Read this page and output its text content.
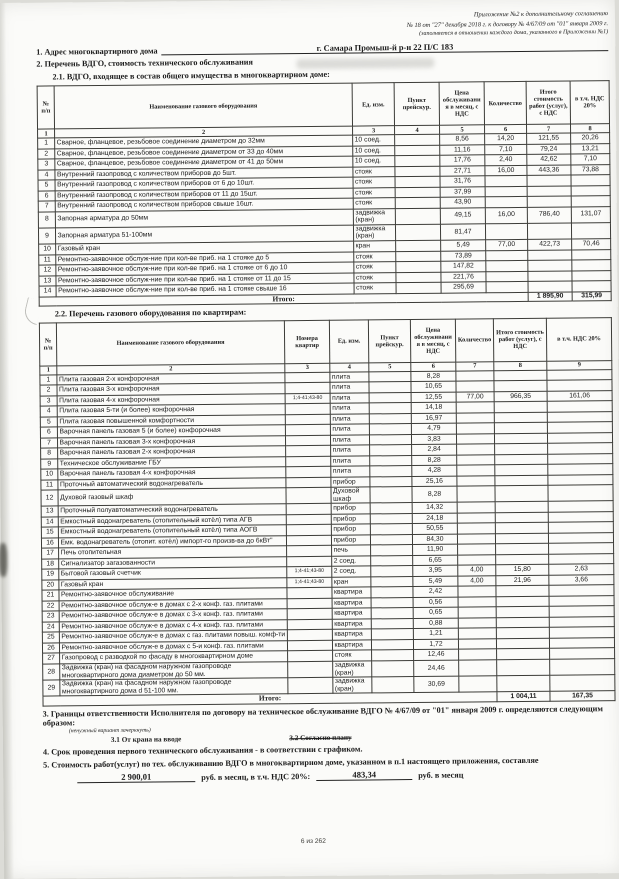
Приложение №2 к дополнительному соглашению
№ 18 от "27" декабря 2018 г. к договору № 4/67/09 от "01" января 2009 г.
(заполняется в отношении каждого дома, указанного в Приложении №1)
1. Адрес многоквартирного дома	г. Самара Промыш-й р-н 22 П/С 183
2. Перечень ВДГО, стоимость технического обслуживания
2.1. ВДГО, входящее в состав общего имущества в многоквартирном доме:
№ п/п	Наименование газового оборудования	Ед. изм.	Пункт прейскур.	Цена обслуживания в месяц, с НДС	Количество	Итого стоимость работ (услуг), с НДС	в т.ч. НДС 20%
1	2	3	4	5	6	7	8
1	Сварное, фланцевое, резьбовое соединение диаметром до 32мм	10 соед.		8,56	14,20	121,55	20,26
2	Сварное, фланцевое, резьбовое соединение диаметром от 33 до 40мм	10 соед.		11,16	7,10	79,24	13,21
3	Сварное, фланцевое, резьбовое соединение диаметром от 41 до 50мм	10 соед.		17,76	2,40	42,62	7,10
4	Внутренний газопровод с количеством приборов до 5шт.	стояк		27,71	16,00	443,36	73,88
5	Внутренний газопровод с количеством приборов от 6 до 10шт.	стояк		31,76			
6	Внутренний газопровод с количеством приборов от 11 до 15шт.	стояк		37,99			
7	Внутренний газопровод с количеством приборов свыше 16шт.	стояк		43,90			
8	Запорная арматура до 50мм	задвижка (кран)		49,15	16,00	786,40	131,07
9	Запорная арматура 51-100мм	задвижка (кран)		81,47			
10	Газовый кран	кран		5,49	77,00	422,73	70,46
11	Ремонтно-заявочное обслуж-ние при кол-ве приб. на 1 стояке до 5	стояк		73,89			
12	Ремонтно-заявочное обслуж-ние при кол-ве приб. на 1 стояке от 6 до 10	стояк		147,82			
13	Ремонтно-заявочное обслуж-ние при кол-ве приб. на 1 стояке от 11 до 15	стояк		221,76			
14	Ремонтно-заявочное обслуж-ние при кол-ве приб. на 1 стояке свыше 16	стояк		295,69			
Итого:						1 895,90	315,99
2.2. Перечень газового оборудования по квартирам:
№ п/п	Наименование газового оборудования	Номера квартир	Ед. изм.	Пункт прейскур.	Цена обслуживания в месяц, с НДС	Количество	Итого стоимость работ (услуг), с НДС	в т.ч. НДС 20%
1	2	3	4	5	6	7	8	9
1	Плита газовая 2-х конфорочная		плита		8,28			
2	Плита газовая 3-х конфорочная		плита		10,65			
3	Плита газовая 4-х конфорочная	1;4-41;43-80	плита		12,55	77,00	966,35	161,06
4	Плита газовая 5-ти (и более) конфорочная		плита		14,18			
5	Плита газовая повышенной комфортности		плита		16,97			
6	Варочная панель газовая 5 (и более) конфорочная		плита		4,79			
7	Варочная панель газовая 3-х конфорочная		плита		3,83			
8	Варочная панель газовая 2-х конфорочная		плита		2,84			
9	Техническое обслуживание ГБУ		плита		8,28			
10	Варочная панель газовая 4-х конфорочная		плита		4,28			
11	Проточный автоматический водонагреватель		прибор		25,16			
12	Духовой газовый шкаф		Духовой шкаф		8,28			
13	Проточный полуавтоматический водонагреватель		прибор		14,32			
14	Емкостный водонагреватель (отопительный котёл) типа АГВ		прибор		24,18			
15	Емкостный водонагреватель (отопительный котёл) типа АОГВ		прибор		50,55			
16	Емк. водонагреватель (отопит. котёл) импорт-го произв-ва до 6кВт"		прибор		84,30			
17	Печь отопительная		печь		11,90			
18	Сигнализатор загазованности		2 соед.		6,65			
19	Бытовой газовый счетчик	1;4-41;43-80	2 соед.		3,95	4,00	15,80	2,63
20	Газовый кран	1;4-41;43-80	кран		5,49	4,00	21,96	3,66
21	Ремонтно-заявочное обслуживание		квартира		2,42			
22	Ремонтно-заявочное обслуж-е в домах с 2-х конф. газ. плитами		квартира		0,56			
23	Ремонтно-заявочное обслуж-е в домах с 3-х конф. газ. плитами		квартира		0,65			
24	Ремонтно-заявочное обслуж-е в домах с 4-х конф. газ. плитами		квартира		0,88			
25	Ремонтно-заявочное обслуж-е в домах с газ. плитами повыш. комф-ти		квартира		1,21			
26	Ремонтно-заявочное обслуж-е в домах с 5-и конф. газ. плитами		квартира		1,72			
27	Газопровод с разводкой по фасаду в многоквартирном доме		стояк		12,46			
28	Задвижка (кран) на фасадном наружном газопроводе многоквартирного дома диаметром до 50 мм.		задвижка (кран)		24,46			
29	Задвижка (кран) на фасадном наружном газопроводе многоквартирного дома d 51-100 мм.		задвижка (кран)		30,69			
Итого:							1 004,11	167,35
3. Границы ответственности Исполнителя по договору на техническое обслуживание ВДГО № 4/67/09 от "01" января 2009 г. определяются следующим образом:
(ненужный вариант зачеркнуть)
3.1 От крана на вводе	3.2 Согласно плану
4. Срок проведения первого технического обслуживания - в соответствии с графиком.
5. Стоимость работ(услуг) по тех. обслуживанию ВДГО в многоквартирном доме, указанном в п.1 настоящего приложения, составляе
2 900,01	руб. в месяц, в т.ч. НДС 20%:	483,34	руб. в месяц
6 из 262
